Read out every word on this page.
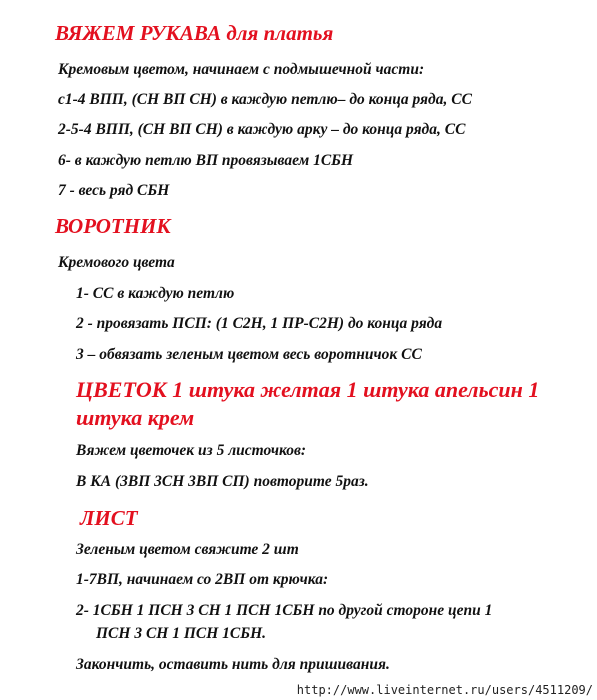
ВЯЖЕМ РУКАВА для платья
Кремовым цветом, начинаем с подмышечной части:
с1-4 ВПП, (СН ВП СН) в каждую петлю– до конца ряда, СС
2-5-4 ВПП, (СН ВП СН) в каждую арку – до конца ряда, СС
6- в каждую петлю ВП провязываем 1СБН
7 - весь ряд СБН
ВОРОТНИК
Кремового цвета
1- СС в каждую петлю
2 - провязать ПСП: (1 С2Н, 1 ПР-С2Н) до конца ряда
3 – обвязать зеленым цветом весь воротничок СС
ЦВЕТОК 1 штука желтая 1 штука апельсин 1
штука крем
Вяжем цветочек из 5 листочков:
В КА (3ВП 3СН 3ВП СП) повторите 5раз.
ЛИСТ
Зеленым цветом свяжите 2 шт
1-7ВП, начинаем со 2ВП от крючка:
2- 1СБН 1 ПСН 3 СН 1 ПСН 1СБН по другой стороне цепи 1
ПСН 3 СН 1 ПСН 1СБН.
Закончить, оставить нить для пришивания.
http://www.liveinternet.ru/users/4511209/
